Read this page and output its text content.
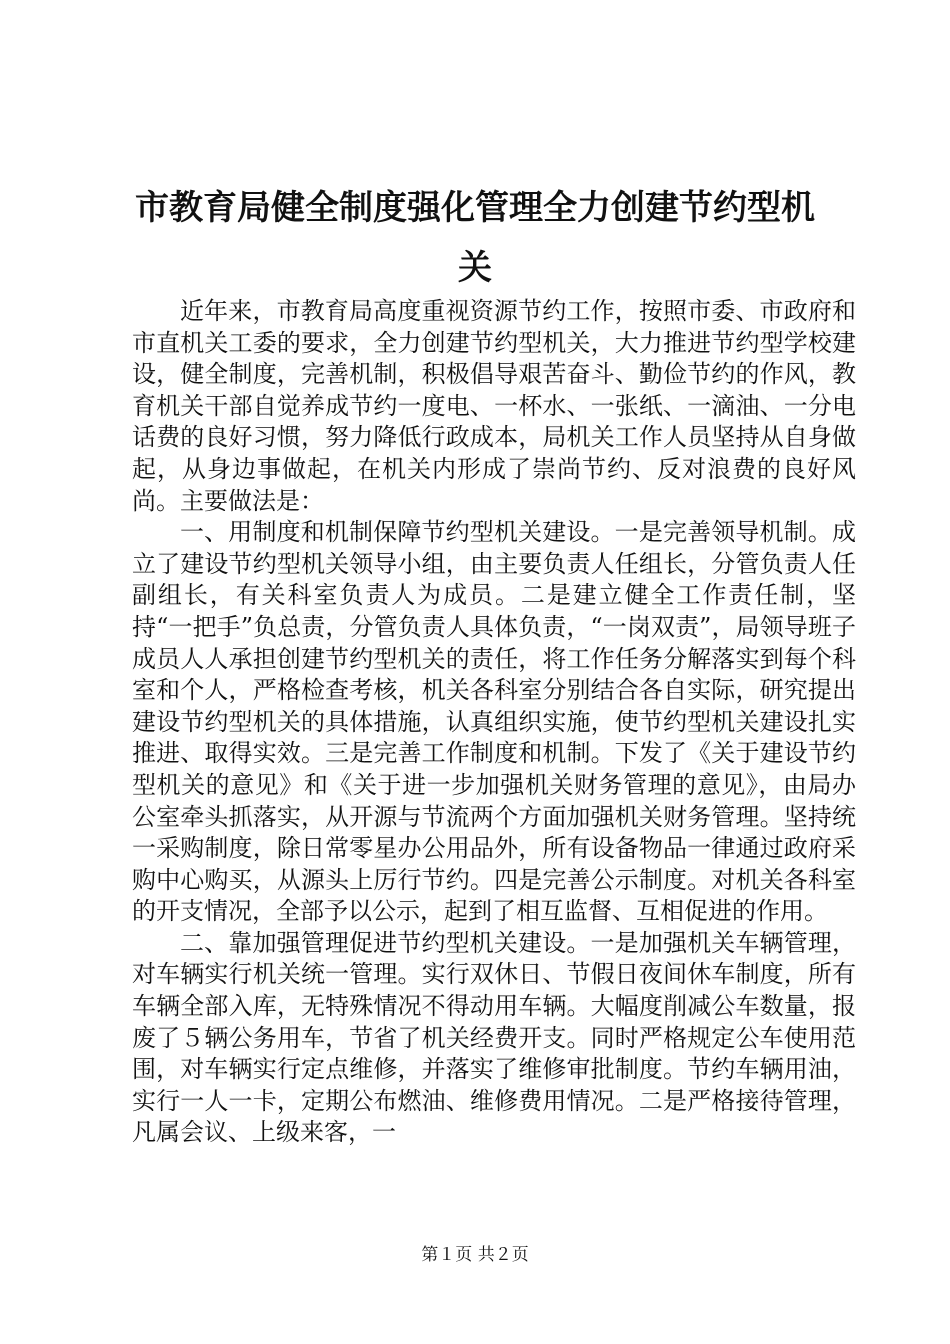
市教育局健全制度强化管理全力创建节约型机关

近年来，市教育局高度重视资源节约工作，按照市委、市政府和市直机关工委的要求，全力创建节约型机关，大力推进节约型学校建设，健全制度，完善机制，积极倡导艰苦奋斗、勤俭节约的作风，教育机关干部自觉养成节约一度电、一杯水、一张纸、一滴油、一分电话费的良好习惯，努力降低行政成本，局机关工作人员坚持从自身做起，从身边事做起，在机关内形成了崇尚节约、反对浪费的良好风尚。主要做法是：

一、用制度和机制保障节约型机关建设。一是完善领导机制。成立了建设节约型机关领导小组，由主要负责人任组长，分管负责人任副组长，有关科室负责人为成员。二是建立健全工作责任制，坚持“一把手”负总责，分管负责人具体负责，“一岗双责”，局领导班子成员人人承担创建节约型机关的责任，将工作任务分解落实到每个科室和个人，严格检查考核，机关各科室分别结合各自实际，研究提出建设节约型机关的具体措施，认真组织实施，使节约型机关建设扎实推进、取得实效。三是完善工作制度和机制。下发了《关于建设节约型机关的意见》和《关于进一步加强机关财务管理的意见》，由局办公室牵头抓落实，从开源与节流两个方面加强机关财务管理。坚持统一采购制度，除日常零星办公用品外，所有设备物品一律通过政府采购中心购买，从源头上厉行节约。四是完善公示制度。对机关各科室的开支情况，全部予以公示，起到了相互监督、互相促进的作用。

二、靠加强管理促进节约型机关建设。一是加强机关车辆管理，对车辆实行机关统一管理。实行双休日、节假日夜间休车制度，所有车辆全部入库，无特殊情况不得动用车辆。大幅度削减公车数量，报废了５辆公务用车，节省了机关经费开支。同时严格规定公车使用范围，对车辆实行定点维修，并落实了维修审批制度。节约车辆用油，实行一人一卡，定期公布燃油、维修费用情况。二是严格接待管理，凡属会议、上级来客，一

第１页 共２页
